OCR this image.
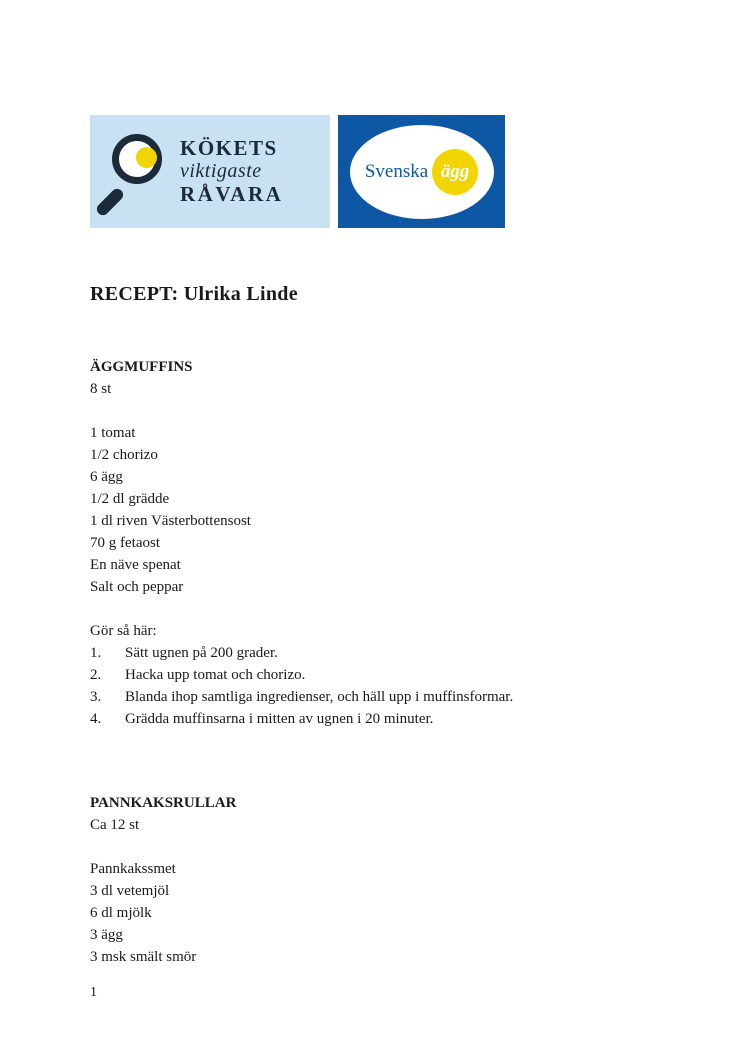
KÖKETS
viktigaste
RÅVARA
Svenska ägg
RECEPT: Ulrika Linde
ÄGGMUFFINS
8 st
1 tomat
1/2 chorizo
6 ägg
1/2 dl grädde
1 dl riven Västerbottensost
70 g fetaost
En näve spenat
Salt och peppar
Gör så här:
1.	Sätt ugnen på 200 grader.
2.	Hacka upp tomat och chorizo.
3.	Blanda ihop samtliga ingredienser, och häll upp i muffinsformar.
4.	Grädda muffinsarna i mitten av ugnen i 20 minuter.
PANNKAKSRULLAR
Ca 12 st
Pannkakssmet
3 dl vetemjöl
6 dl mjölk
3 ägg
3 msk smält smör
1
